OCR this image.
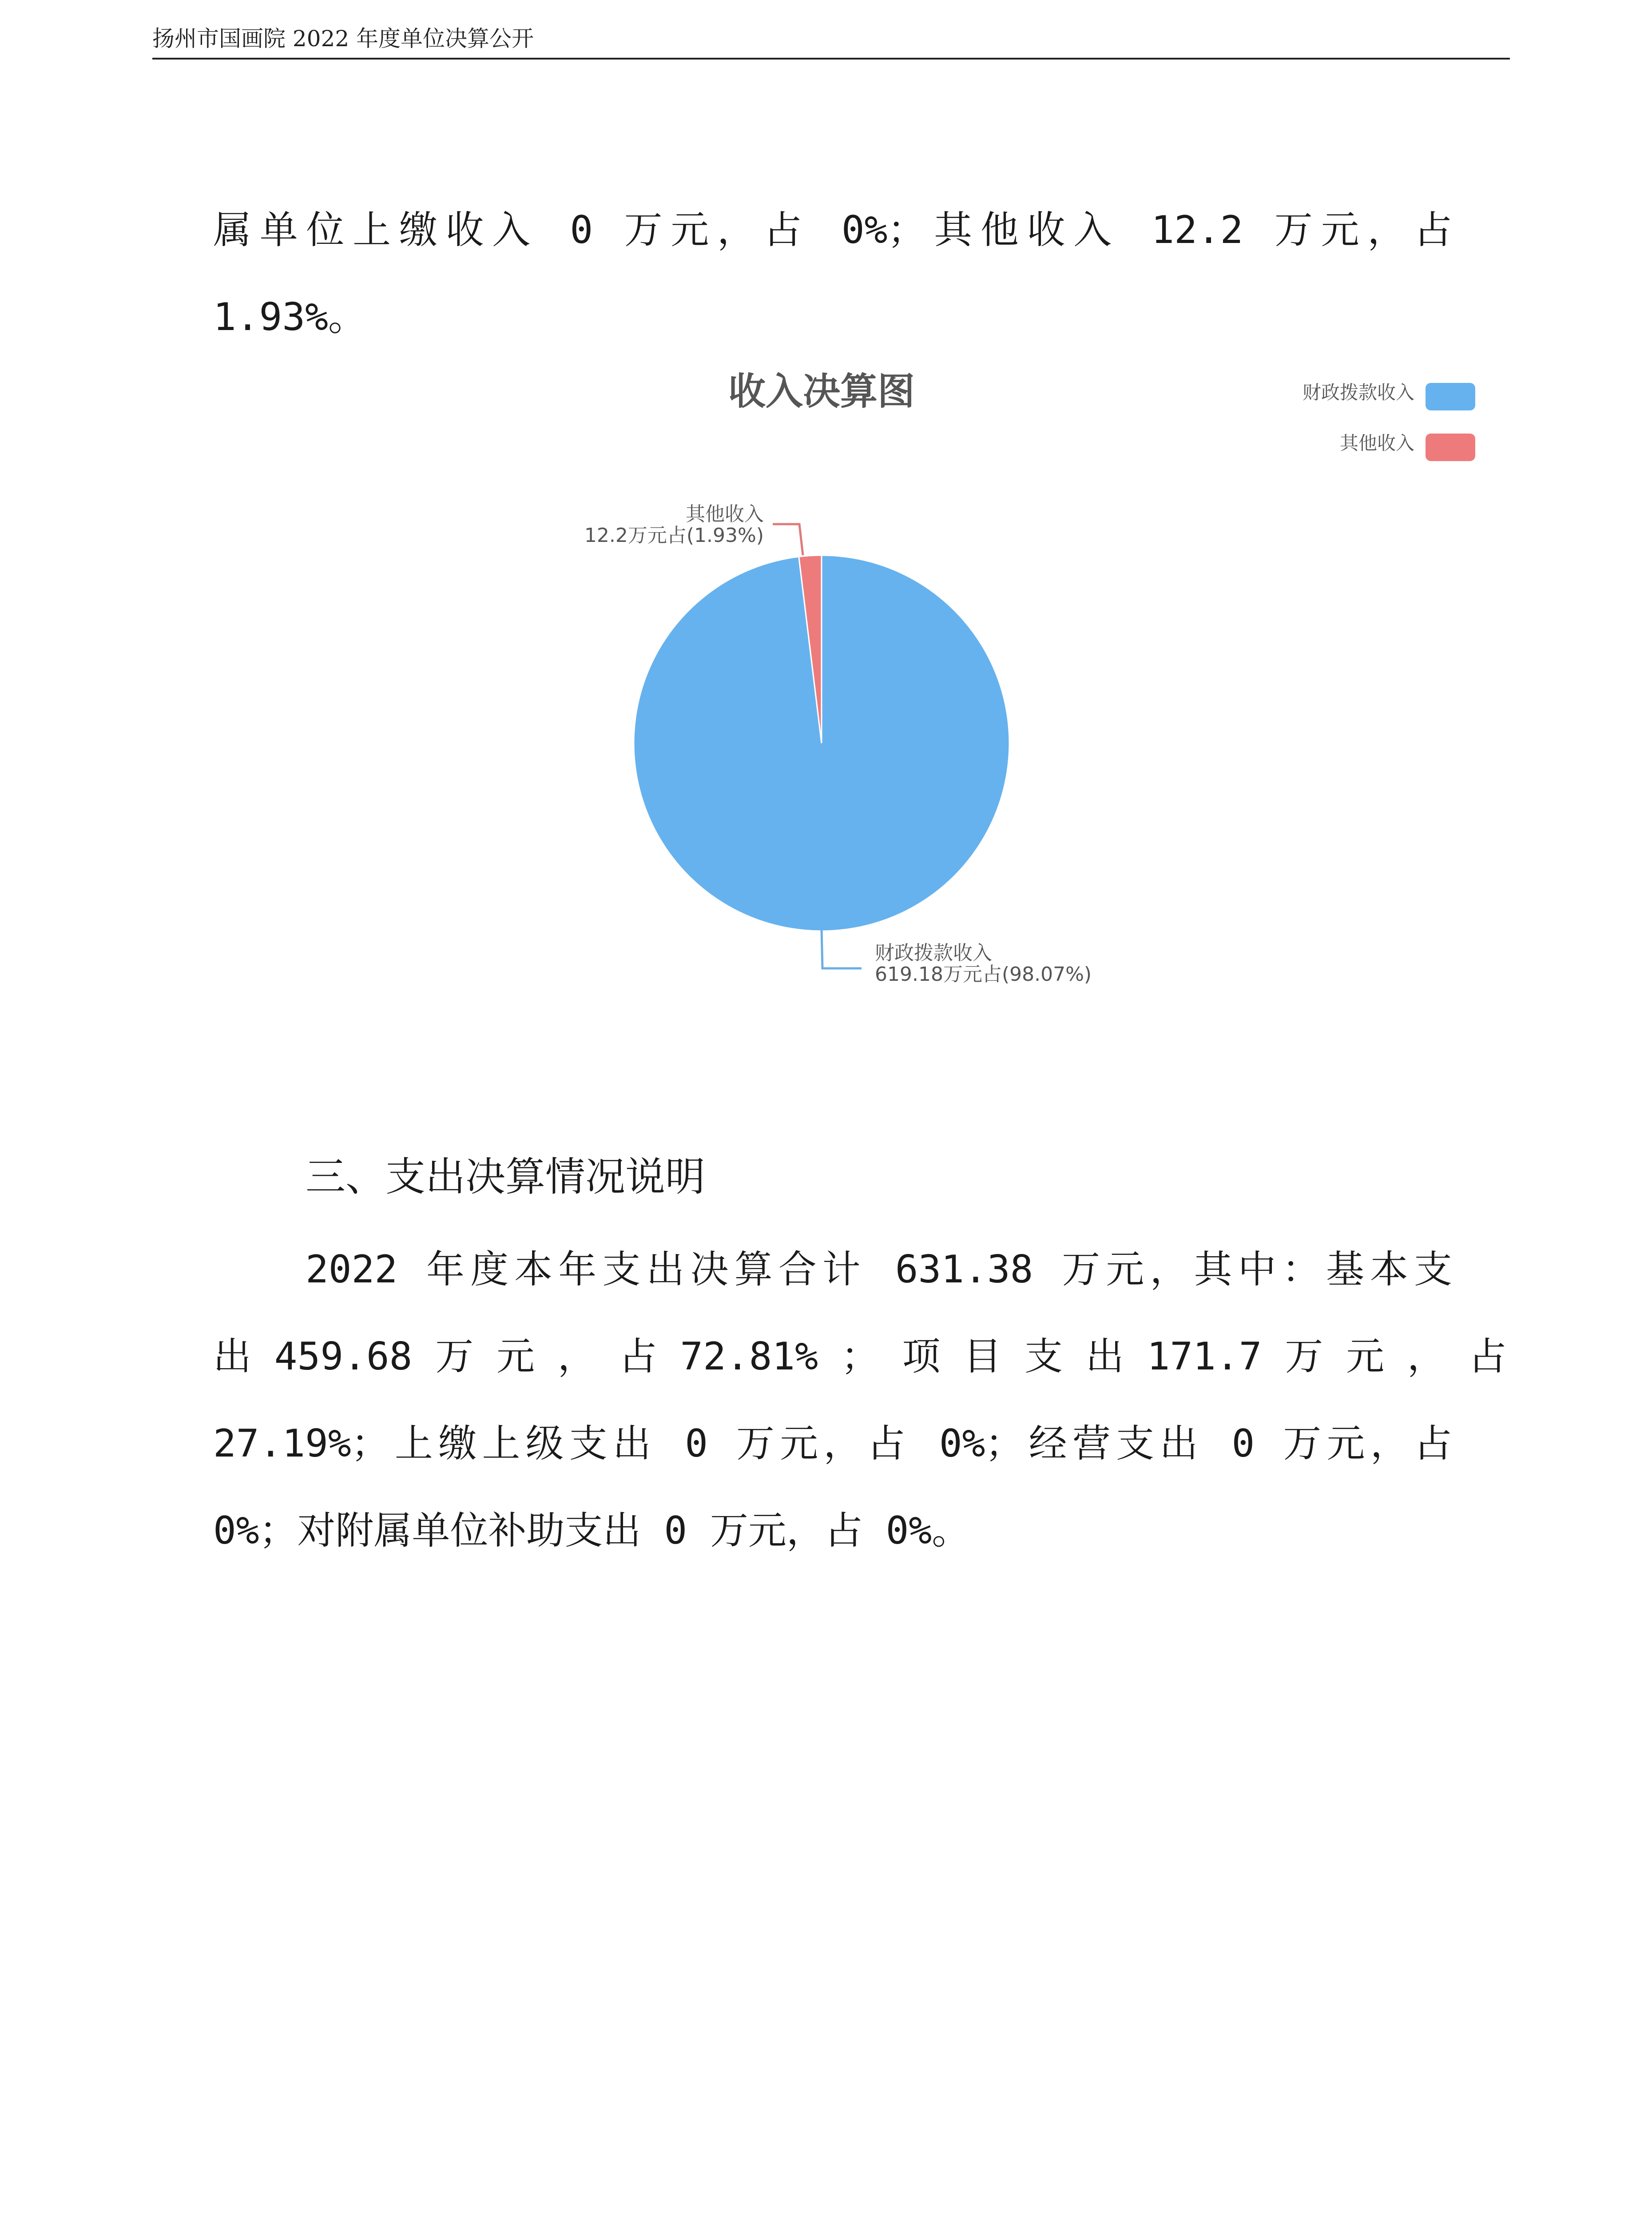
扬州市国画院 2022 年度单位决算公开
属单位上缴收入 0 万元，占 0%；其他收入 12.2 万元，占
1.93%。
收入决算图	财政拨款收入
其他收入
其他收入
12.2万元占(1.93%)
财政拨款收入
619.18万元占(98.07%)
三、支出决算情况说明
2022 年度本年支出决算合计 631.38 万元，其中：基本支
出 459.68 万 元 ， 占 72.81% ； 项 目 支 出 171.7 万 元 ， 占
27.19%；上缴上级支出 0 万元，占 0%；经营支出 0 万元，占
0%；对附属单位补助支出 0 万元，占 0%。
